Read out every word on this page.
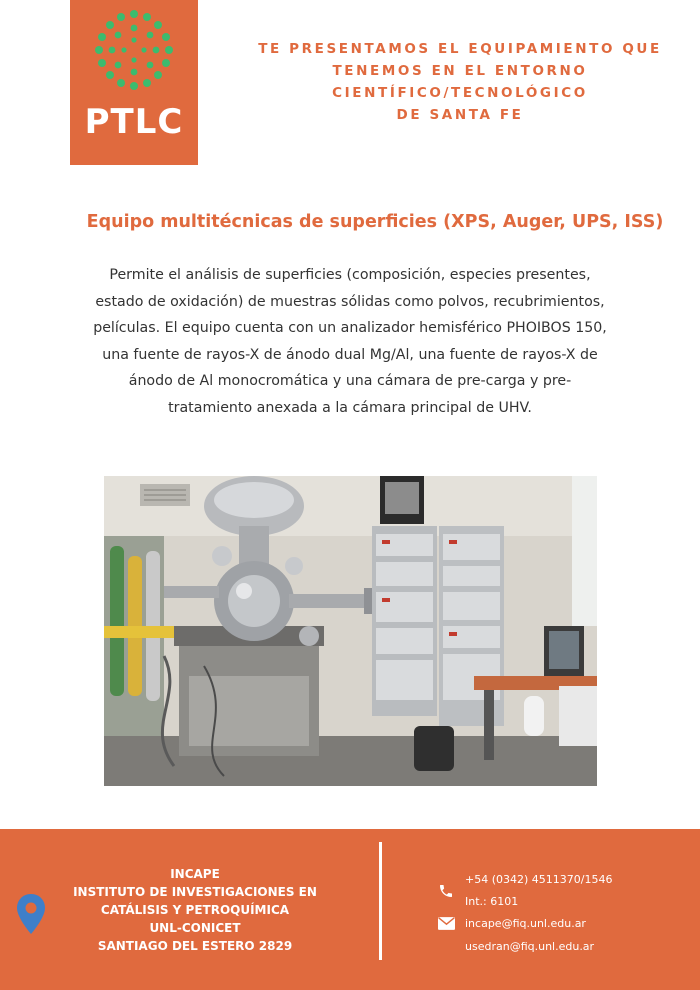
PTLC
TE PRESENTAMOS EL EQUIPAMIENTO QUE
TENEMOS EN EL ENTORNO
CIENTÍFICO/TECNOLÓGICO
DE SANTA FE
Equipo multitécnicas de superficies (XPS, Auger, UPS, ISS)
Permite el análisis de superficies (composición, especies presentes,
estado de oxidación) de muestras sólidas como polvos, recubrimientos,
películas. El equipo cuenta con un analizador hemisférico PHOIBOS 150,
una fuente de rayos-X de ánodo dual Mg/Al, una fuente de rayos-X de
ánodo de Al monocromática y una cámara de pre-carga y pre-
tratamiento anexada a la cámara principal de UHV.
INCAPE
INSTITUTO DE INVESTIGACIONES EN
CATÁLISIS Y PETROQUÍMICA
UNL-CONICET
SANTIAGO DEL ESTERO 2829
+54 (0342) 4511370/1546
Int.: 6101
incape@fiq.unl.edu.ar
usedran@fiq.unl.edu.ar
